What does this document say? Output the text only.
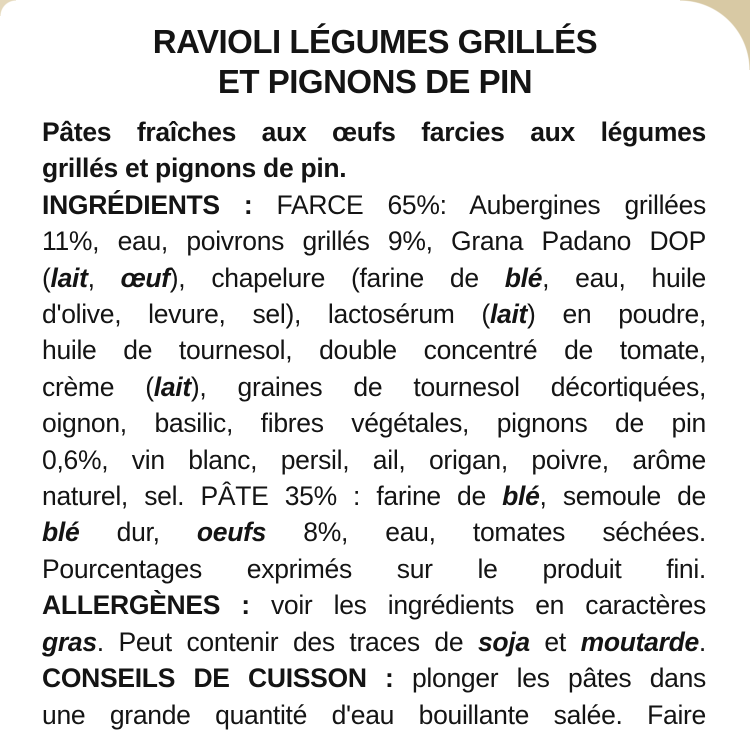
RAVIOLI LÉGUMES GRILLÉS
ET PIGNONS DE PIN

Pâtes fraîches aux œufs farcies aux légumes
grillés et pignons de pin.

INGRÉDIENTS : FARCE 65%: Aubergines grillées
11%, eau, poivrons grillés 9%, Grana Padano DOP
(lait, œuf), chapelure (farine de blé, eau, huile
d'olive, levure, sel), lactosérum (lait) en poudre,
huile de tournesol, double concentré de tomate,
crème (lait), graines de tournesol décortiquées,
oignon, basilic, fibres végétales, pignons de pin
0,6%, vin blanc, persil, ail, origan, poivre, arôme
naturel, sel. PÂTE 35% : farine de blé, semoule de
blé dur, oeufs 8%, eau, tomates séchées.
Pourcentages exprimés sur le produit fini.

ALLERGÈNES : voir les ingrédients en caractères
gras. Peut contenir des traces de soja et moutarde.

CONSEILS DE CUISSON : plonger les pâtes dans
une grande quantité d'eau bouillante salée. Faire
